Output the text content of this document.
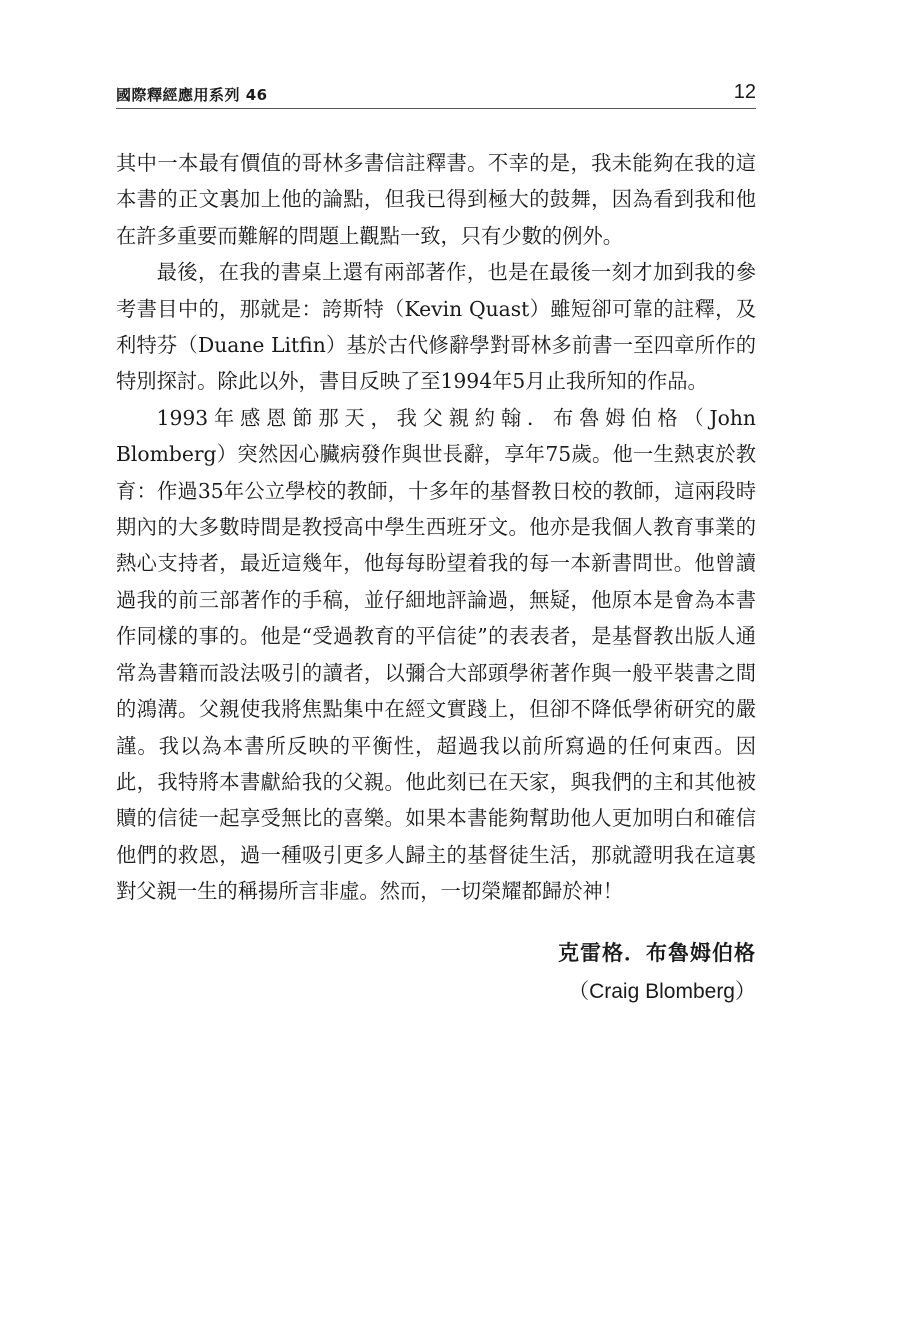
國際釋經應用系列 46	12

其中一本最有價值的哥林多書信註釋書。不幸的是，我未能夠在我的這本書的正文裏加上他的論點，但我已得到極大的鼓舞，因為看到我和他在許多重要而難解的問題上觀點一致，只有少數的例外。

最後，在我的書桌上還有兩部著作，也是在最後一刻才加到我的參考書目中的，那就是：誇斯特（Kevin Quast）雖短卻可靠的註釋，及利特芬（Duane Litfin）基於古代修辭學對哥林多前書一至四章所作的特別探討。除此以外，書目反映了至1994年5月止我所知的作品。

1993年感恩節那天，我父親約翰．布魯姆伯格（John Blomberg）突然因心臟病發作與世長辭，享年75歲。他一生熱衷於教育：作過35年公立學校的教師，十多年的基督教日校的教師，這兩段時期內的大多數時間是教授高中學生西班牙文。他亦是我個人教育事業的熱心支持者，最近這幾年，他每每盼望着我的每一本新書問世。他曾讀過我的前三部著作的手稿，並仔細地評論過，無疑，他原本是會為本書作同樣的事的。他是“受過教育的平信徒”的表表者，是基督教出版人通常為書籍而設法吸引的讀者，以彌合大部頭學術著作與一般平裝書之間的鴻溝。父親使我將焦點集中在經文實踐上，但卻不降低學術研究的嚴謹。我以為本書所反映的平衡性，超過我以前所寫過的任何東西。因此，我特將本書獻給我的父親。他此刻已在天家，與我們的主和其他被贖的信徒一起享受無比的喜樂。如果本書能夠幫助他人更加明白和確信他們的救恩，過一種吸引更多人歸主的基督徒生活，那就證明我在這裏對父親一生的稱揚所言非虛。然而，一切榮耀都歸於神！

克雷格．布魯姆伯格
（Craig Blomberg）
